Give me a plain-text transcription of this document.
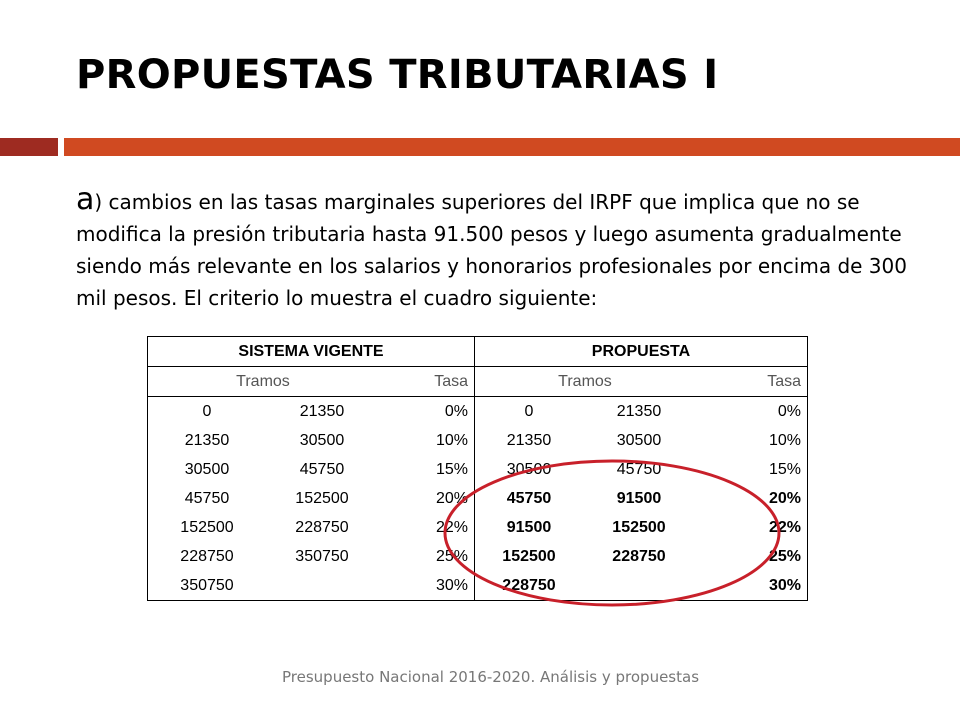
PROPUESTAS TRIBUTARIAS I
a) cambios en las tasas marginales superiores del IRPF que implica que no se modifica la presión tributaria hasta 91.500 pesos y luego asumenta gradualmente siendo más relevante en los salarios y honorarios profesionales por encima de 300 mil pesos. El criterio lo muestra el cuadro siguiente:
SISTEMA VIGENTE			PROPUESTA		
Tramos		Tasa	Tramos		Tasa
0	21350	0%	0	21350	0%
21350	30500	10%	21350	30500	10%
30500	45750	15%	30500	45750	15%
45750	152500	20%	45750	91500	20%
152500	228750	22%	91500	152500	22%
228750	350750	25%	152500	228750	25%
350750		30%	228750		30%
Presupuesto Nacional 2016-2020. Análisis y propuestas
